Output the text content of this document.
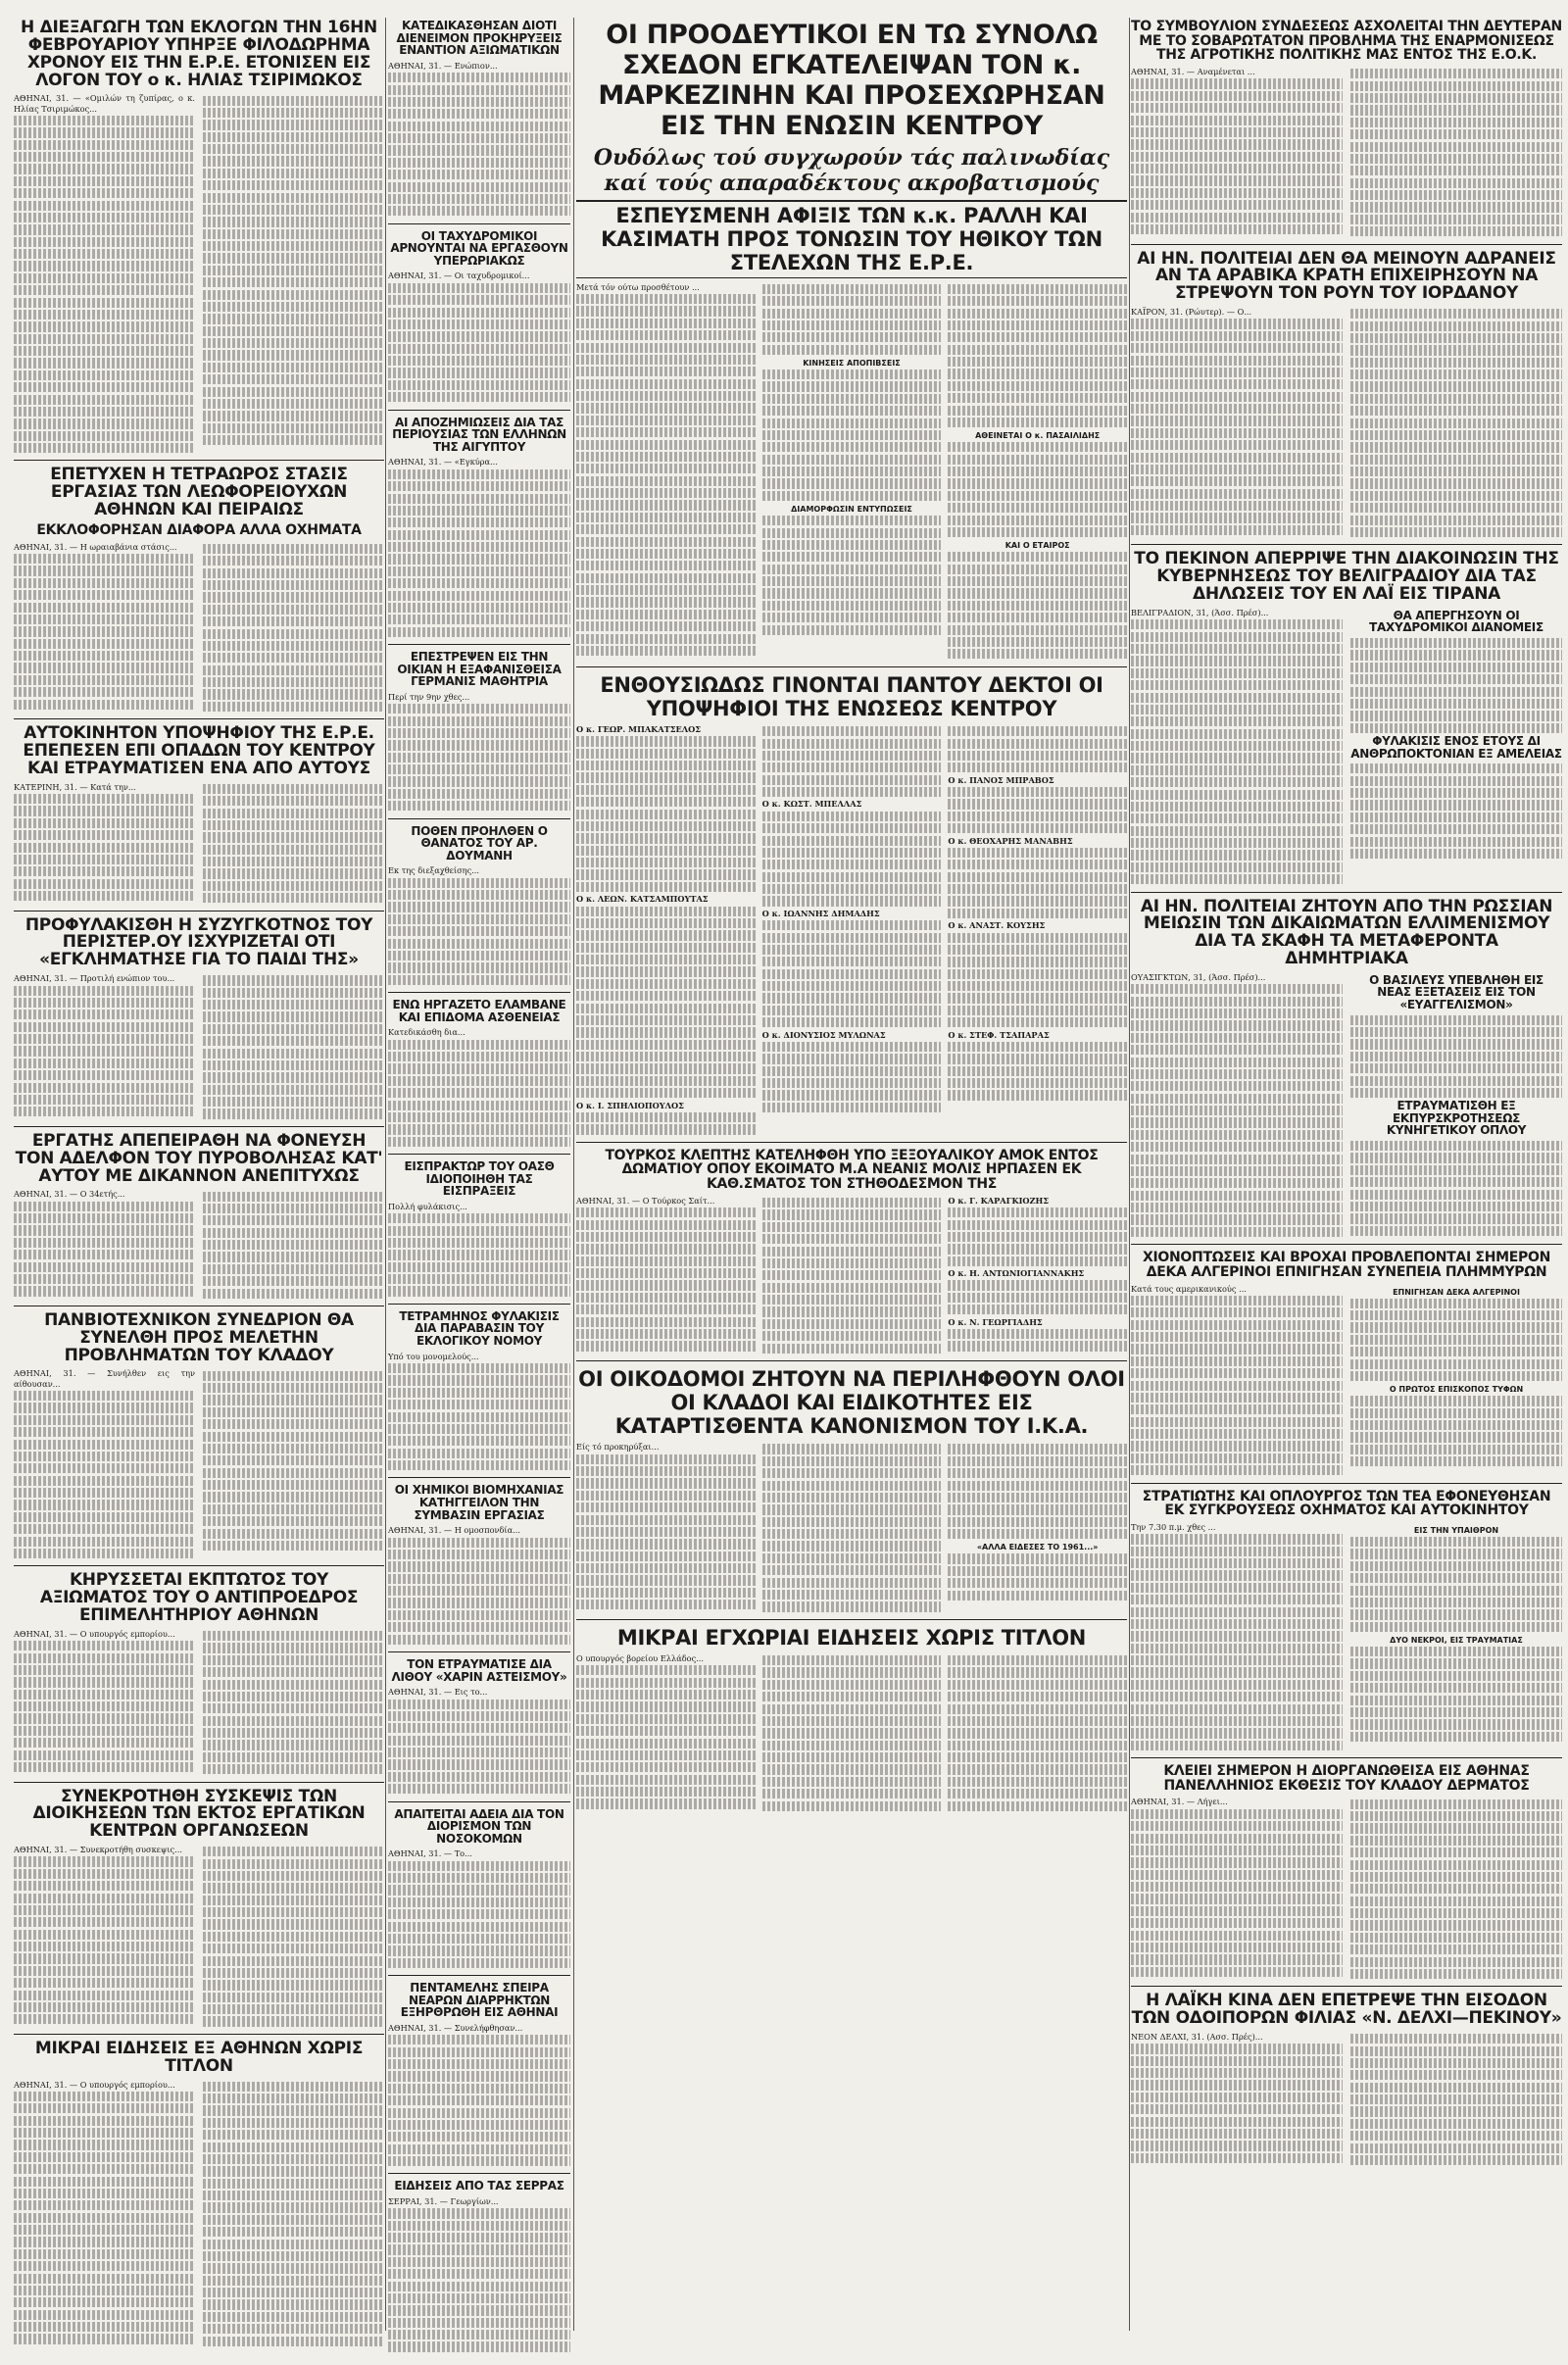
Η ΔΙΕΞΑΓΩΓΗ ΤΩΝ ΕΚΛΟΓΩΝ ΤΗΝ 16ΗΝ ΦΕΒΡΟΥΑΡΙΟΥ ΥΠΗΡΞΕ ΦΙΛΟΔΩΡΗΜΑ ΧΡΟΝΟΥ ΕΙΣ ΤΗΝ Ε.Ρ.Ε. ΕΤΟΝΙΣΕΝ ΕΙΣ ΛΟΓΟΝ ΤΟΥ ο κ. ΗΛΙΑΣ ΤΣΙΡΙΜΩΚΟΣ

ΑΘΗΝΑΙ, 31. — «Ομιλών τη ζυπίρας, ο κ. Ηλίας Τσιριμώκος...

ΕΠΕΤΥΧΕΝ Η ΤΕΤΡΑΩΡΟΣ ΣΤΑΣΙΣ ΕΡΓΑΣΙΑΣ ΤΩΝ ΛΕΩΦΟΡΕΙΟΥΧΩΝ ΑΘΗΝΩΝ ΚΑΙ ΠΕΙΡΑΙΩΣ
ΕΚΚΛΟΦΟΡΗΣΑΝ ΔΙΑΦΟΡΑ ΑΛΛΑ ΟΧΗΜΑΤΑ

ΑΘΗΝΑΙ, 31. — Η ωραιαβάνια στάσις...

ΑΥΤΟΚΙΝΗΤΟΝ ΥΠΟΨΗΦΙΟΥ ΤΗΣ Ε.Ρ.Ε. ΕΠΕΠΕΣΕΝ ΕΠΙ ΟΠΑΔΩΝ ΤΟΥ ΚΕΝΤΡΟΥ ΚΑΙ ΕΤΡΑΥΜΑΤΙΣΕΝ ΕΝΑ ΑΠΟ ΑΥΤΟΥΣ

ΚΑΤΕΡΙΝΗ, 31. — Κατά την...

ΠΡΟΦΥΛΑΚΙΣΘΗ Η ΣΥΖΥΓΚΟΤΝΟΣ ΤΟΥ ΠΕΡΙΣΤΕΡ.ΟΥ ΙΣΧΥΡΙΖΕΤΑΙ ΟΤΙ «ΕΓΚΛΗΜΑΤΗΣΕ ΓΙΑ ΤΟ ΠΑΙΔΙ ΤΗΣ»

ΑΘΗΝΑΙ, 31. — Προτιλή ενώπιον του...

ΕΡΓΑΤΗΣ ΑΠΕΠΕΙΡΑΘΗ ΝΑ ΦΟΝΕΥΣΗ ΤΟΝ ΑΔΕΛΦΟΝ ΤΟΥ ΠΥΡΟΒΟΛΗΣΑΣ ΚΑΤ' ΑΥΤΟΥ ΜΕ ΔΙΚΑΝΝΟΝ ΑΝΕΠΙΤΥΧΩΣ

ΑΘΗΝΑΙ, 31. — Ο 34ετής...

ΠΑΝΒΙΟΤΕΧΝΙΚΟΝ ΣΥΝΕΔΡΙΟΝ ΘΑ ΣΥΝΕΛΘΗ ΠΡΟΣ ΜΕΛΕΤΗΝ ΠΡΟΒΛΗΜΑΤΩΝ ΤΟΥ ΚΛΑΔΟΥ

ΑΘΗΝΑΙ, 31. — Συνήλθεν εις την αίθουσαν...

ΚΗΡΥΣΣΕΤΑΙ ΕΚΠΤΩΤΟΣ ΤΟΥ ΑΞΙΩΜΑΤΟΣ ΤΟΥ Ο ΑΝΤΙΠΡΟΕΔΡΟΣ ΕΠΙΜΕΛΗΤΗΡΙΟΥ ΑΘΗΝΩΝ

ΑΘΗΝΑΙ, 31. — Ο υπουργός εμπορίου...

ΣΥΝΕΚΡΟΤΗΘΗ ΣΥΣΚΕΨΙΣ ΤΩΝ ΔΙΟΙΚΗΣΕΩΝ ΤΩΝ ΕΚΤΟΣ ΕΡΓΑΤΙΚΩΝ ΚΕΝΤΡΩΝ ΟΡΓΑΝΩΣΕΩΝ

ΑΘΗΝΑΙ, 31. — Συνεκροτήθη συσκεψις...

ΜΙΚΡΑΙ ΕΙΔΗΣΕΙΣ ΕΞ ΑΘΗΝΩΝ ΧΩΡΙΣ ΤΙΤΛΟΝ

ΑΘΗΝΑΙ, 31. — Ο υπουργός εμπορίου...

ΚΑΤΕΔΙΚΑΣΘΗΣΑΝ ΔΙΟΤΙ ΔΙΕΝΕΙΜΟΝ ΠΡΟΚΗΡΥΞΕΙΣ ΕΝΑΝΤΙΟΝ ΑΞΙΩΜΑΤΙΚΩΝ

ΑΘΗΝΑΙ, 31. — Ενώπιον...

ΟΙ ΤΑΧΥΔΡΟΜΙΚΟΙ ΑΡΝΟΥΝΤΑΙ ΝΑ ΕΡΓΑΣΘΟΥΝ ΥΠΕΡΩΡΙΑΚΩΣ

ΑΘΗΝΑΙ, 31. — Οι ταχυδρομικοί...

ΑΙ ΑΠΟΖΗΜΙΩΣΕΙΣ ΔΙΑ ΤΑΣ ΠΕΡΙΟΥΣΙΑΣ ΤΩΝ ΕΛΛΗΝΩΝ ΤΗΣ ΑΙΓΥΠΤΟΥ

ΑΘΗΝΑΙ, 31. — «Εγκύρα...

ΕΠΕΣΤΡΕΨΕΝ ΕΙΣ ΤΗΝ ΟΙΚΙΑΝ Η ΕΞΑΦΑΝΙΣΘΕΙΣΑ ΓΕΡΜΑΝΙΣ ΜΑΘΗΤΡΙΑ

Περί την 9ην χθες...

ΠΟΘΕΝ ΠΡΟΗΛΘΕΝ Ο ΘΑΝΑΤΟΣ ΤΟΥ ΑΡ. ΔΟΥΜΑΝΗ

Εκ της διεξαχθείσης...

ΕΝΩ ΗΡΓΑΖΕΤΟ ΕΛΑΜΒΑΝΕ ΚΑΙ ΕΠΙΔΟΜΑ ΑΣΘΕΝΕΙΑΣ

Κατεδικάσθη δια...

ΕΙΣΠΡΑΚΤΩΡ ΤΟΥ ΟΑΣΘ ΙΔΙΟΠΟΙΗΘΗ ΤΑΣ ΕΙΣΠΡΑΞΕΙΣ

Πολλή φυλάκισις...

ΤΕΤΡΑΜΗΝΟΣ ΦΥΛΑΚΙΣΙΣ ΔΙΑ ΠΑΡΑΒΑΣΙΝ ΤΟΥ ΕΚΛΟΓΙΚΟΥ ΝΟΜΟΥ

Υπό του μονομελούς...

ΟΙ ΧΗΜΙΚΟΙ ΒΙΟΜΗΧΑΝΙΑΣ ΚΑΤΗΓΓΕΙΛΟΝ ΤΗΝ ΣΥΜΒΑΣΙΝ ΕΡΓΑΣΙΑΣ

ΑΘΗΝΑΙ, 31. — Η ομοσπονδία...

ΤΟΝ ΕΤΡΑΥΜΑΤΙΣΕ ΔΙΑ ΛΙΘΟΥ «ΧΑΡΙΝ ΑΣΤΕΙΣΜΟΥ»

ΑΘΗΝΑΙ, 31. — Εις το...

ΑΠΑΙΤΕΙΤΑΙ ΑΔΕΙΑ ΔΙΑ ΤΟΝ ΔΙΟΡΙΣΜΟΝ ΤΩΝ ΝΟΣΟΚΟΜΩΝ

ΑΘΗΝΑΙ, 31. — Το...

ΠΕΝΤΑΜΕΛΗΣ ΣΠΕΙΡΑ ΝΕΑΡΩΝ ΔΙΑΡΡΗΚΤΩΝ ΕΞΗΡΘΡΩΘΗ ΕΙΣ ΑΘΗΝΑΙ

ΑΘΗΝΑΙ, 31. — Συνελήφθησαν...

ΕΙΔΗΣΕΙΣ ΑΠΟ ΤΑΣ ΣΕΡΡΑΣ

ΣΕΡΡΑΙ, 31. — Γεωργίων...

ΟΙ ΠΡΟΟΔΕΥΤΙΚΟΙ ΕΝ ΤΩ ΣΥΝΟΛΩ ΣΧΕΔΟΝ ΕΓΚΑΤΕΛΕΙΨΑΝ ΤΟΝ κ. ΜΑΡΚΕΖΙΝΗΝ ΚΑΙ ΠΡΟΣΕΧΩΡΗΣΑΝ ΕΙΣ ΤΗΝ ΕΝΩΣΙΝ ΚΕΝΤΡΟΥ
Ουδόλως τού συγχωρούν τάς παλινωδίας καί τούς απαραδέκτους ακροβατισμούς
ΕΣΠΕΥΣΜΕΝΗ ΑΦΙΞΙΣ ΤΩΝ κ.κ. ΡΑΛΛΗ ΚΑΙ ΚΑΣΙΜΑΤΗ ΠΡΟΣ ΤΟΝΩΣΙΝ ΤΟΥ ΗΘΙΚΟΥ ΤΩΝ ΣΤΕΛΕΧΩΝ ΤΗΣ Ε.Ρ.Ε.

Μετά τόν ούτω προσθέτουν ...

ΚΙΝΗΣΕΙΣ ΑΠΟΠΙΒΣΕΙΣ
ΔΙΑΜΟΡΦΩΣΙΝ ΕΝΤΥΠΩΣΕΙΣ
ΑΘΕΙΝΕΤΑΙ Ο κ. ΠΑΣΑΙΛΙΔΗΣ
ΚΑΙ Ο ΕΤΑΙΡΟΣ
ΕΝΘΟΥΣΙΩΔΩΣ ΓΙΝΟΝΤΑΙ ΠΑΝΤΟΥ ΔΕΚΤΟΙ ΟΙ ΥΠΟΨΗΦΙΟΙ ΤΗΣ ΕΝΩΣΕΩΣ ΚΕΝΤΡΟΥ
Ο κ. ΓΕΩΡ. ΜΠΑΚΑΤΣΕΛΟΣ
Ο κ. ΛΕΩΝ. ΚΑΤΣΑΜΠΟΥΤΑΣ
Ο κ. Ι. ΣΠΗΛΙΟΠΟΥΛΟΣ
Ο κ. ΚΩΣΤ. ΜΠΕΛΛΑΣ
Ο κ. ΙΩΑΝΝΗΣ ΔΗΜΑΔΗΣ
Ο κ. ΔΙΟΝΥΣΙΟΣ ΜΥΛΩΝΑΣ
Ο κ. ΠΑΝΟΣ ΜΠΡΑΒΟΣ
Ο κ. ΘΕΟΧΑΡΗΣ ΜΑΝΑΒΗΣ
Ο κ. ΑΝΑΣΤ. ΚΟΥΣΗΣ
Ο κ. ΣΤΕΦ. ΤΣΑΠΑΡΑΣ
ΤΟΥΡΚΟΣ ΚΛΕΠΤΗΣ ΚΑΤΕΛΗΦΘΗ ΥΠΟ ΞΕΞΟΥΑΛΙΚΟΥ ΑΜΟΚ ΕΝΤΟΣ ΔΩΜΑΤΙΟΥ ΟΠΟΥ ΕΚΟΙΜΑΤΟ Μ.Α ΝΕΑΝΙΣ ΜΟΛΙΣ ΗΡΠΑΣΕΝ ΕΚ ΚΑΘ.ΣΜΑΤΟΣ ΤΟΝ ΣΤΗΘΟΔΕΣΜΟΝ ΤΗΣ

ΑΘΗΝΑΙ, 31. — Ο Τούρκος Σαίτ...	Ο κ. Γ. ΚΑΡΑΓΚΙΟΖΗΣ
Ο κ. Η. ΑΝΤΩΝΙΟΓΙΑΝΝΑΚΗΣ
Ο κ. Ν. ΓΕΩΡΓΙΑΔΗΣ
ΟΙ ΟΙΚΟΔΟΜΟΙ ΖΗΤΟΥΝ ΝΑ ΠΕΡΙΛΗΦΘΟΥΝ ΟΛΟΙ ΟΙ ΚΛΑΔΟΙ ΚΑΙ ΕΙΔΙΚΟΤΗΤΕΣ ΕΙΣ ΚΑΤΑΡΤΙΣΘΕΝΤΑ ΚΑΝΟΝΙΣΜΟΝ ΤΟΥ Ι.Κ.Α.

Είς τό προκηρύξαι...

«ΑΛΛΑ ΕΙΔΕΣΕΣ ΤΟ 1961...»
ΜΙΚΡΑΙ ΕΓΧΩΡΙΑΙ ΕΙΔΗΣΕΙΣ ΧΩΡΙΣ ΤΙΤΛΟΝ

Ο υπουργός βορείου Ελλάδος...

ΤΟ ΣΥΜΒΟΥΛΙΟΝ ΣΥΝΔΕΣΕΩΣ ΑΣΧΟΛΕΙΤΑΙ ΤΗΝ ΔΕΥΤΕΡΑΝ ΜΕ ΤΟ ΣΟΒΑΡΩΤΑΤΟΝ ΠΡΟΒΛΗΜΑ ΤΗΣ ΕΝΑΡΜΟΝΙΣΕΩΣ ΤΗΣ ΑΓΡΟΤΙΚΗΣ ΠΟΛΙΤΙΚΗΣ ΜΑΣ ΕΝΤΟΣ ΤΗΣ Ε.Ο.Κ.

ΑΘΗΝΑΙ, 31. — Αναμένεται ...

ΑΙ ΗΝ. ΠΟΛΙΤΕΙΑΙ ΔΕΝ ΘΑ ΜΕΙΝΟΥΝ ΑΔΡΑΝΕΙΣ ΑΝ ΤΑ ΑΡΑΒΙΚΑ ΚΡΑΤΗ ΕΠΙΧΕΙΡΗΣΟΥΝ ΝΑ ΣΤΡΕΨΟΥΝ ΤΟΝ ΡΟΥΝ ΤΟΥ ΙΟΡΔΑΝΟΥ

ΚΑΪΡΟΝ, 31. (Ρώυτερ). — Ο...

ΤΟ ΠΕΚΙΝΟΝ ΑΠΕΡΡΙΨΕ ΤΗΝ ΔΙΑΚΟΙΝΩΣΙΝ ΤΗΣ ΚΥΒΕΡΝΗΣΕΩΣ ΤΟΥ ΒΕΛΙΓΡΑΔΙΟΥ ΔΙΑ ΤΑΣ ΔΗΛΩΣΕΙΣ ΤΟΥ ΕΝ ΛΑΪ ΕΙΣ ΤΙΡΑΝΑ

ΒΕΛΙΓΡΑΔΙΟΝ, 31, (Άσσ. Πρέσ)...	ΘΑ ΑΠΕΡΓΗΣΟΥΝ ΟΙ ΤΑΧΥΔΡΟΜΙΚΟΙ ΔΙΑΝΟΜΕΙΣ
ΦΥΛΑΚΙΣΙΣ ΕΝΟΣ ΕΤΟΥΣ ΔΙ ΑΝΘΡΩΠΟΚΤΟΝΙΑΝ ΕΞ ΑΜΕΛΕΙΑΣ
ΑΙ ΗΝ. ΠΟΛΙΤΕΙΑΙ ΖΗΤΟΥΝ ΑΠΟ ΤΗΝ ΡΩΣΣΙΑΝ ΜΕΙΩΣΙΝ ΤΩΝ ΔΙΚΑΙΩΜΑΤΩΝ ΕΛΛΙΜΕΝΙΣΜΟΥ ΔΙΑ ΤΑ ΣΚΑΦΗ ΤΑ ΜΕΤΑΦΕΡΟΝΤΑ ΔΗΜΗΤΡΙΑΚΑ

ΟΥΑΣΙΓΚΤΩΝ, 31, (Άσσ. Πρέσ)...	Ο ΒΑΣΙΛΕΥΣ ΥΠΕΒΛΗΘΗ ΕΙΣ ΝΕΑΣ ΕΞΕΤΑΣΕΙΣ ΕΙΣ ΤΟΝ «ΕΥΑΓΓΕΛΙΣΜΟΝ»
ΕΤΡΑΥΜΑΤΙΣΘΗ ΕΞ ΕΚΠΥΡΣΚΡΟΤΗΣΕΩΣ ΚΥΝΗΓΕΤΙΚΟΥ ΟΠΛΟΥ
ΧΙΟΝΟΠΤΩΣΕΙΣ ΚΑΙ ΒΡΟΧΑΙ ΠΡΟΒΛΕΠΟΝΤΑΙ ΣΗΜΕΡΟΝ ΔΕΚΑ ΑΛΓΕΡΙΝΟΙ ΕΠΝΙΓΗΣΑΝ ΣΥΝΕΠΕΙΑ ΠΛΗΜΜΥΡΩΝ

Κατά τους αμερικανικούς ...	ΕΠΝΙΓΗΣΑΝ ΔΕΚΑ ΑΛΓΕΡΙΝΟΙ
Ο ΠΡΩΤΟΣ ΕΠΙΣΚΟΠΟΣ ΤΥΦΩΝ
ΣΤΡΑΤΙΩΤΗΣ ΚΑΙ ΟΠΛΟΥΡΓΟΣ ΤΩΝ ΤΕΑ ΕΦΟΝΕΥΘΗΣΑΝ ΕΚ ΣΥΓΚΡΟΥΣΕΩΣ ΟΧΗΜΑΤΟΣ ΚΑΙ ΑΥΤΟΚΙΝΗΤΟΥ

Την 7.30 π.μ. χθες ...	ΕΙΣ ΤΗΝ ΥΠΑΙΘΡΟΝ
ΔΥΟ ΝΕΚΡΟΙ, ΕΙΣ ΤΡΑΥΜΑΤΙΑΣ
ΚΛΕΙΕΙ ΣΗΜΕΡΟΝ Η ΔΙΟΡΓΑΝΩΘΕΙΣΑ ΕΙΣ ΑΘΗΝΑΣ ΠΑΝΕΛΛΗΝΙΟΣ ΕΚΘΕΣΙΣ ΤΟΥ ΚΛΑΔΟΥ ΔΕΡΜΑΤΟΣ

ΑΘΗΝΑΙ, 31. — Λήγει...

Η ΛΑΪΚΗ ΚΙΝΑ ΔΕΝ ΕΠΕΤΡΕΨΕ ΤΗΝ ΕΙΣΟΔΟΝ ΤΩΝ ΟΔΟΙΠΟΡΩΝ ΦΙΛΙΑΣ «Ν. ΔΕΛΧΙ—ΠΕΚΙΝΟΥ»

ΝΕΟΝ ΔΕΛΧΙ, 31. (Ασσ. Πρές)...
